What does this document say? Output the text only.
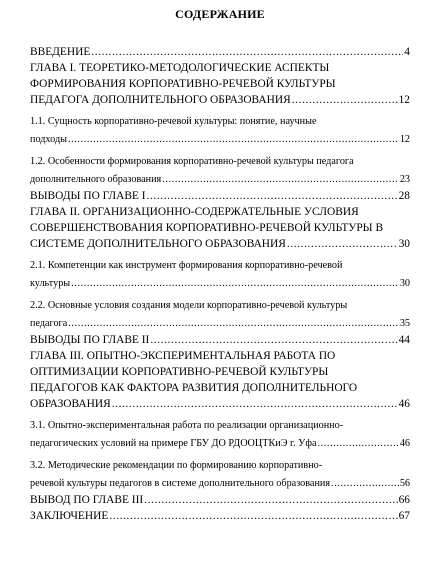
СОДЕРЖАНИЕ
ВВЕДЕНИЕ .....	4
ГЛАВА I. ТЕОРЕТИКО-МЕТОДОЛОГИЧЕСКИЕ АСПЕКТЫ
ФОРМИРОВАНИЯ КОРПОРАТИВНО-РЕЧЕВОЙ КУЛЬТУРЫ
ПЕДАГОГА ДОПОЛНИТЕЛЬНОГО ОБРАЗОВАНИЯ .....	12
1.1. Сущность корпоративно-речевой культуры: понятие, научные
подходы .....	12
1.2. Особенности формирования корпоративно-речевой культуры педагога
дополнительного образования .....	23
ВЫВОДЫ ПО ГЛАВЕ I .....	28
ГЛАВА II. ОРГАНИЗАЦИОННО-СОДЕРЖАТЕЛЬНЫЕ УСЛОВИЯ
СОВЕРШЕНСТВОВАНИЯ КОРПОРАТИВНО-РЕЧЕВОЙ КУЛЬТУРЫ В
СИСТЕМЕ ДОПОЛНИТЕЛЬНОГО ОБРАЗОВАНИЯ .....	30
2.1. Компетенции как инструмент формирования корпоративно-речевой
культуры .....	30
2.2. Основные условия создания модели корпоративно-речевой культуры
педагога .....	35
ВЫВОДЫ ПО ГЛАВЕ II .....	44
ГЛАВА III. ОПЫТНО-ЭКСПЕРИМЕНТАЛЬНАЯ РАБОТА ПО
ОПТИМИЗАЦИИ КОРПОРАТИВНО-РЕЧЕВОЙ КУЛЬТУРЫ
ПЕДАГОГОВ КАК ФАКТОРА РАЗВИТИЯ ДОПОЛНИТЕЛЬНОГО
ОБРАЗОВАНИЯ .....	46
3.1. Опытно-экспериментальная работа по реализации организационно-
педагогических условий на примере ГБУ ДО РДООЦТКиЭ г. Уфа .....	46
3.2. Методические рекомендации по формированию корпоративно-
речевой культуры педагогов в системе дополнительного образования .....	56
ВЫВОД ПО ГЛАВЕ III .....	66
ЗАКЛЮЧЕНИЕ .....	67
